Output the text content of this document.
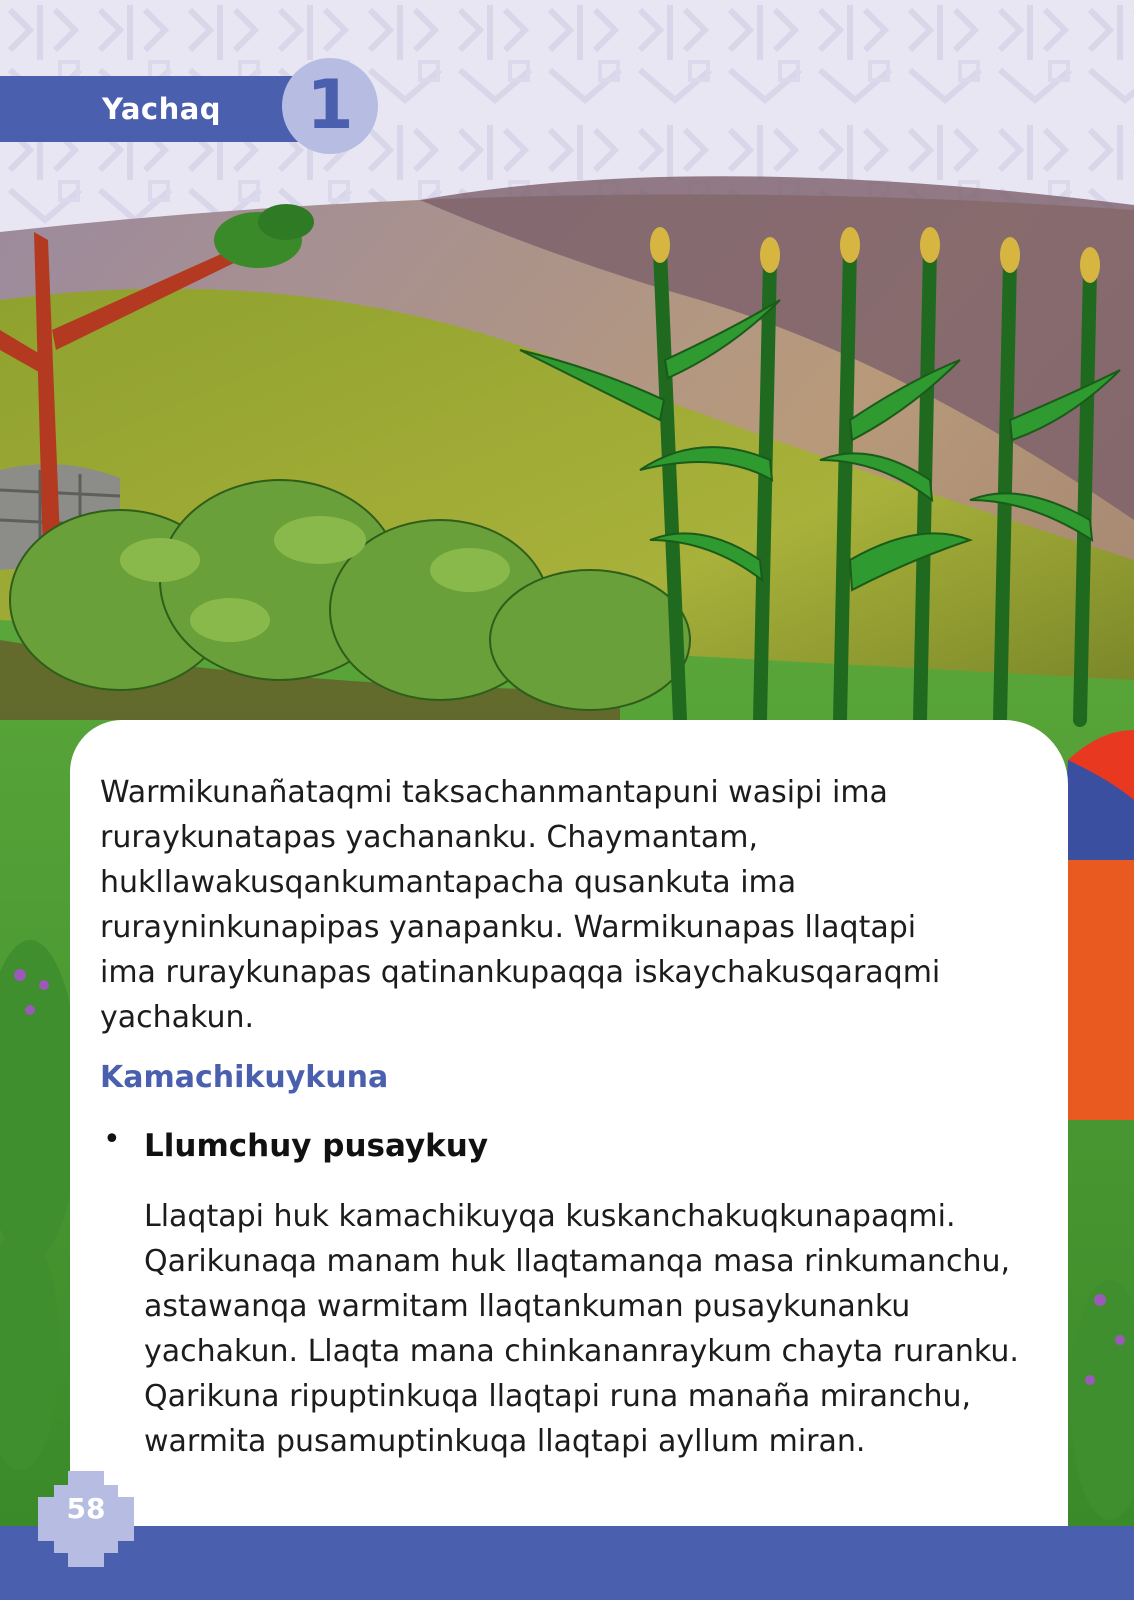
Yachaq	1

Warmikunañataqmi taksachanmantapuni wasipi ima ruraykunatapas yachananku. Chaymantam, hukllawakusqankumantapacha qusankuta ima rurayninkunapipas yanapanku. Warmikunapas llaqtapi ima ruraykunapas qatinankupaqqa iskaychakusqaraqmi yachakun.

Kamachikuykuna
• Llumchuy pusaykuy

Llaqtapi huk kamachikuyqa kuskanchakuqkunapaqmi. Qarikunaqa manam huk llaqtamanqa masa rinkumanchu, astawanqa warmitam llaqtankuman pusaykunanku yachakun. Llaqta mana chinkananraykum chayta ruranku. Qarikuna ripuptinkuqa llaqtapi runa manaña miranchu, warmita pusamuptinkuqa llaqtapi ayllum miran.

58
